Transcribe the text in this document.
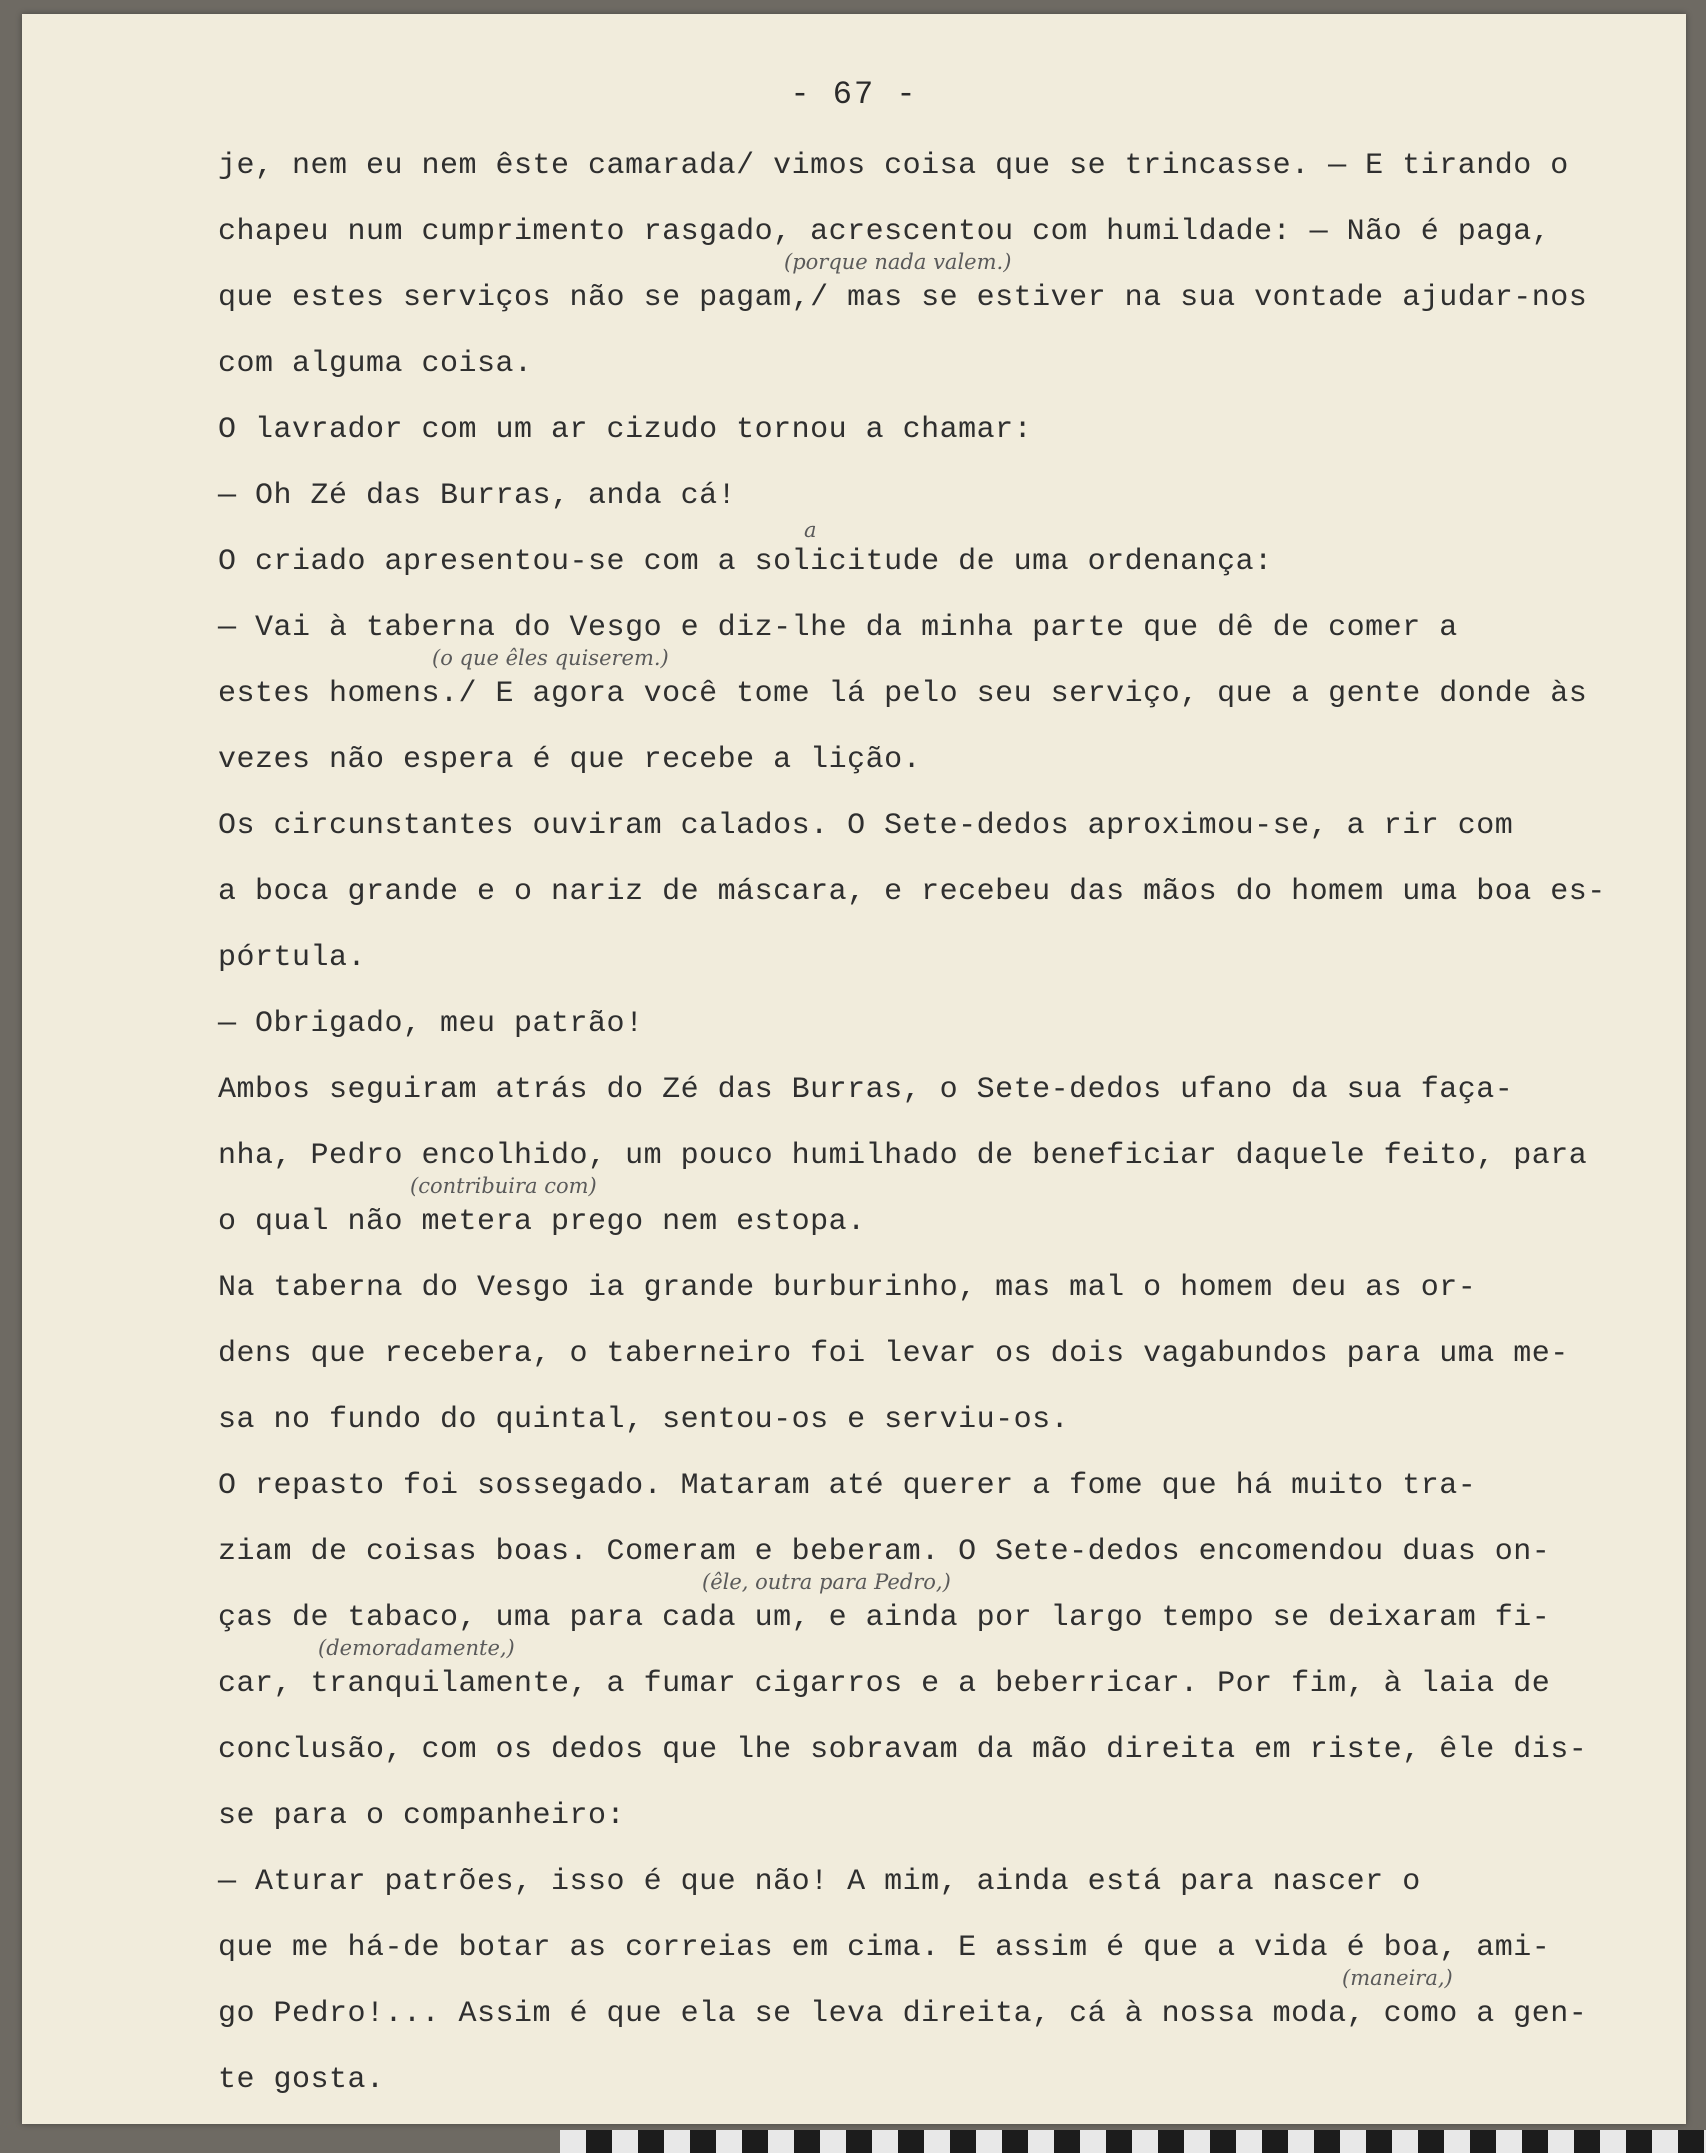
- 67 -
je, nem eu nem êste camarada/ vimos coisa que se trincasse. — E tirando o
chapeu num cumprimento rasgado, acrescentou com humildade: — Não é paga,
que estes serviços não se pagam,/ mas se estiver na sua vontade ajudar-nos
com alguma coisa.
O lavrador com um ar cizudo tornou a chamar:
— Oh Zé das Burras, anda cá!
O criado apresentou-se com a solicitude de uma ordenança:
— Vai à taberna do Vesgo e diz-lhe da minha parte que dê de comer a
estes homens./ E agora você tome lá pelo seu serviço, que a gente donde às
vezes não espera é que recebe a lição.
Os circunstantes ouviram calados. O Sete-dedos aproximou-se, a rir com
a boca grande e o nariz de máscara, e recebeu das mãos do homem uma boa es-
pórtula.
— Obrigado, meu patrão!
Ambos seguiram atrás do Zé das Burras, o Sete-dedos ufano da sua faça-
nha, Pedro encolhido, um pouco humilhado de beneficiar daquele feito, para
o qual não metera prego nem estopa.
Na taberna do Vesgo ia grande burburinho, mas mal o homem deu as or-
dens que recebera, o taberneiro foi levar os dois vagabundos para uma me-
sa no fundo do quintal, sentou-os e serviu-os.
O repasto foi sossegado. Mataram até querer a fome que há muito tra-
ziam de coisas boas. Comeram e beberam. O Sete-dedos encomendou duas on-
ças de tabaco, uma para cada um, e ainda por largo tempo se deixaram fi-
car, tranquilamente, a fumar cigarros e a beberricar. Por fim, à laia de
conclusão, com os dedos que lhe sobravam da mão direita em riste, êle dis-
se para o companheiro:
— Aturar patrões, isso é que não! A mim, ainda está para nascer o
que me há-de botar as correias em cima. E assim é que a vida é boa, ami-
go Pedro!... Assim é que ela se leva direita, cá à nossa moda, como a gen-
te gosta.
(porque nada valem.)
(o que êles quiserem.)
(contribuira com)
(êle, outra para Pedro,)
(demoradamente,)
(maneira,)
a
